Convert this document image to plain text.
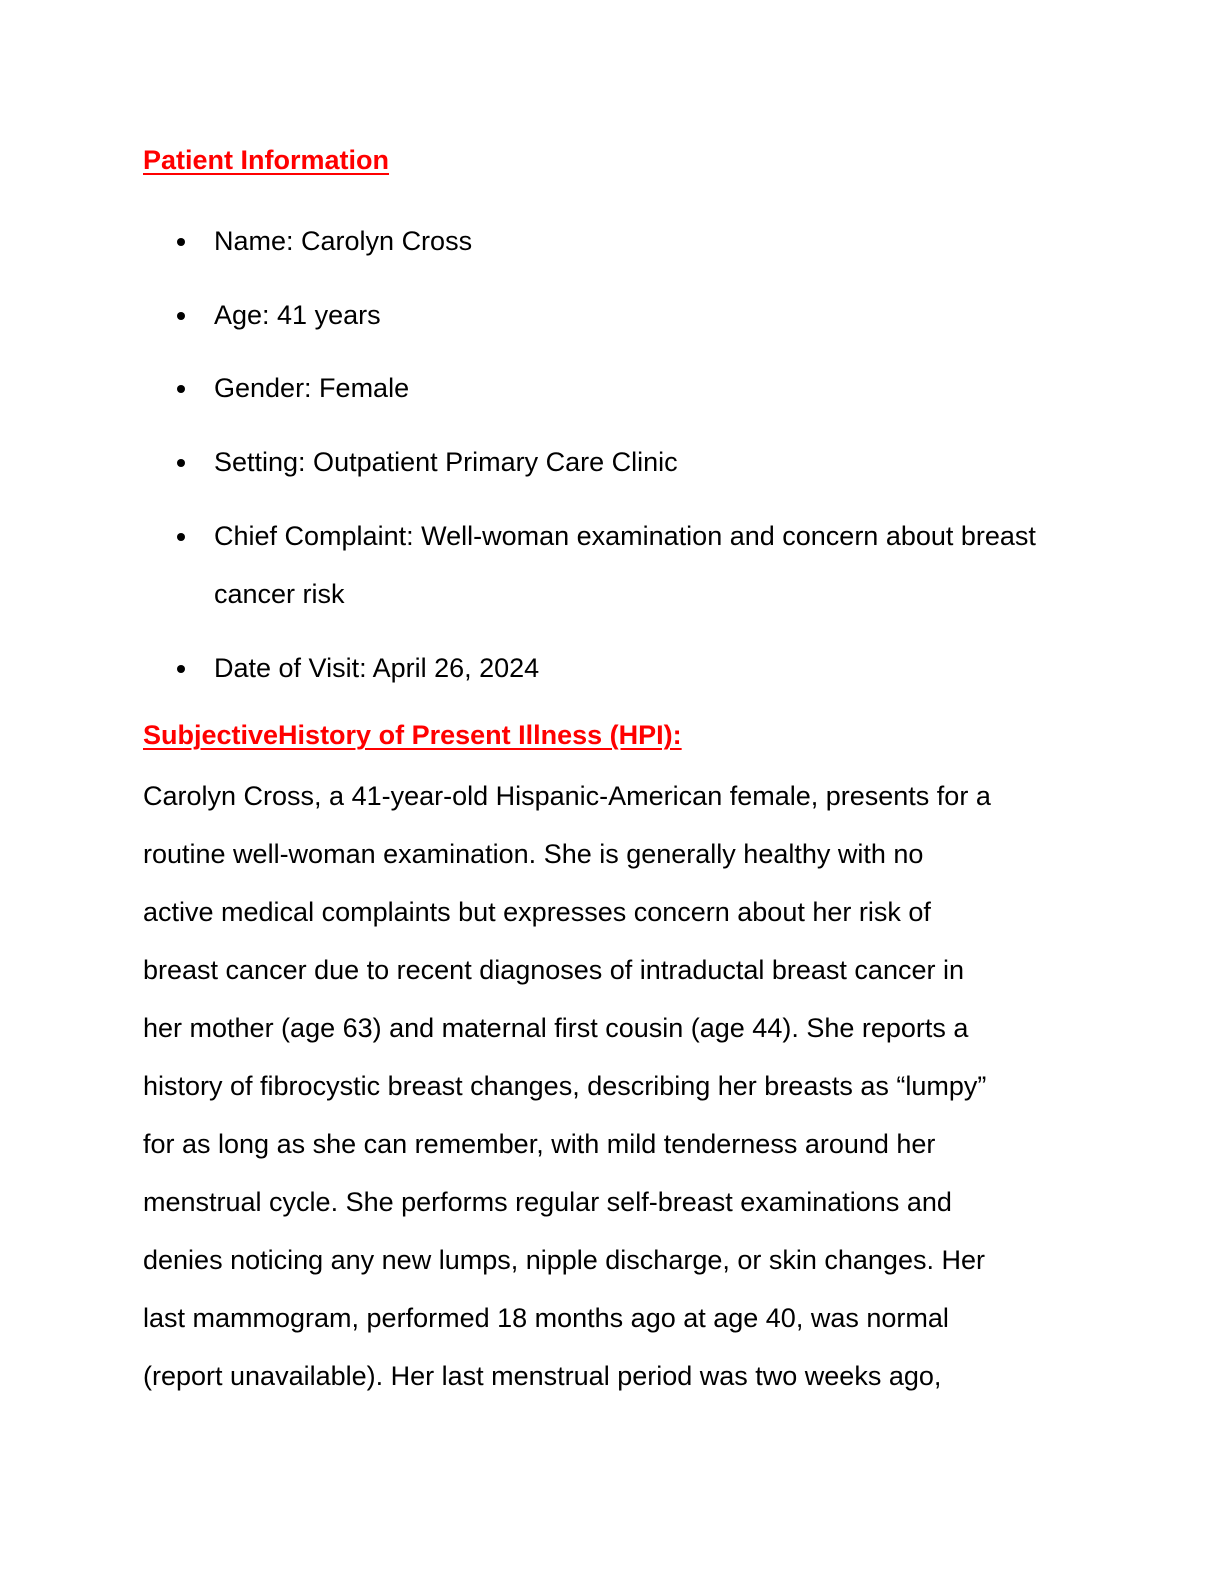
Patient Information
Name: Carolyn Cross
Age: 41 years
Gender: Female
Setting: Outpatient Primary Care Clinic
Chief Complaint: Well-woman examination and concern about breast cancer risk
Date of Visit: April 26, 2024
SubjectiveHistory of Present Illness (HPI):

Carolyn Cross, a 41-year-old Hispanic-American female, presents for a

routine well-woman examination. She is generally healthy with no

active medical complaints but expresses concern about her risk of

breast cancer due to recent diagnoses of intraductal breast cancer in

her mother (age 63) and maternal first cousin (age 44). She reports a

history of fibrocystic breast changes, describing her breasts as “lumpy”

for as long as she can remember, with mild tenderness around her

menstrual cycle. She performs regular self-breast examinations and

denies noticing any new lumps, nipple discharge, or skin changes. Her

last mammogram, performed 18 months ago at age 40, was normal

(report unavailable). Her last menstrual period was two weeks ago,
